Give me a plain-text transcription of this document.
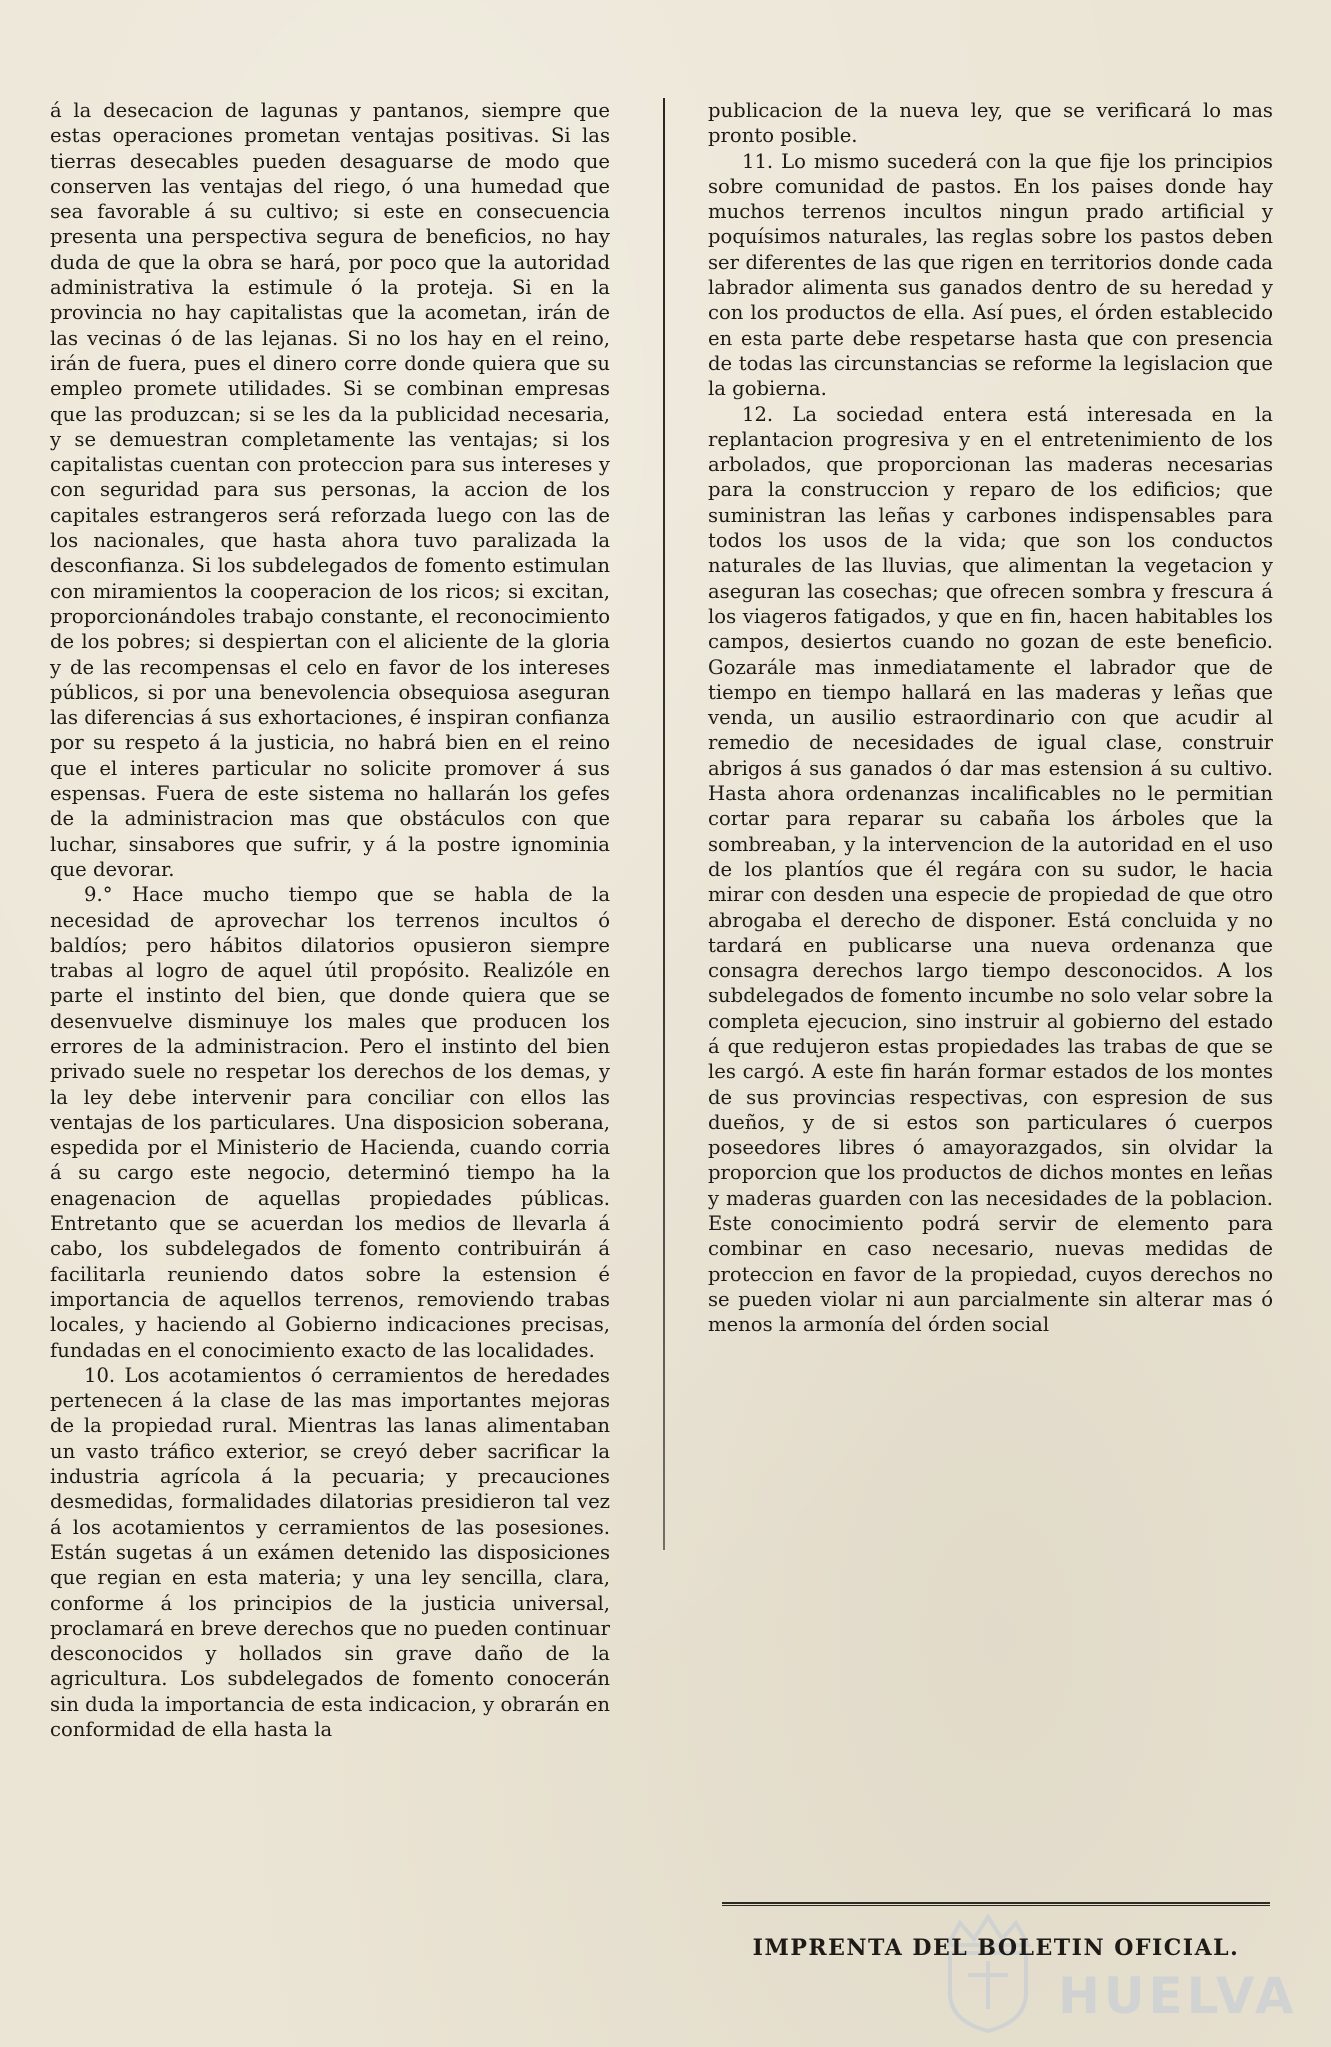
á la desecacion de lagunas y pantanos, siempre que estas operaciones prometan ventajas positivas. Si las tierras desecables pueden desaguarse de modo que conserven las ventajas del riego, ó una humedad que sea favorable á su cultivo; si este en consecuencia presenta una perspectiva segura de beneficios, no hay duda de que la obra se hará, por poco que la autoridad administrativa la estimule ó la proteja. Si en la provincia no hay capitalistas que la acometan, irán de las vecinas ó de las lejanas. Si no los hay en el reino, irán de fuera, pues el dinero corre donde quiera que su empleo promete utilidades. Si se combinan empresas que las produzcan; si se les da la publicidad necesaria, y se demuestran completamente las ventajas; si los capitalistas cuentan con proteccion para sus intereses y con seguridad para sus personas, la accion de los capitales estrangeros será reforzada luego con las de los nacionales, que hasta ahora tuvo paralizada la desconfianza. Si los subdelegados de fomento estimulan con miramientos la cooperacion de los ricos; si excitan, proporcionándoles trabajo constante, el reconocimiento de los pobres; si despiertan con el aliciente de la gloria y de las recompensas el celo en favor de los intereses públicos, si por una benevolencia obsequiosa aseguran las diferencias á sus exhortaciones, é inspiran confianza por su respeto á la justicia, no habrá bien en el reino que el interes particular no solicite promover á sus espensas. Fuera de este sistema no hallarán los gefes de la administracion mas que obstáculos con que luchar, sinsabores que sufrir, y á la postre ignominia que devorar.

9.° Hace mucho tiempo que se habla de la necesidad de aprovechar los terrenos incultos ó baldíos; pero hábitos dilatorios opusieron siempre trabas al logro de aquel útil propósito. Realizóle en parte el instinto del bien, que donde quiera que se desenvuelve disminuye los males que producen los errores de la administracion. Pero el instinto del bien privado suele no respetar los derechos de los demas, y la ley debe intervenir para conciliar con ellos las ventajas de los particulares. Una disposicion soberana, espedida por el Ministerio de Hacienda, cuando corria á su cargo este negocio, determinó tiempo ha la enagenacion de aquellas propiedades públicas. Entretanto que se acuerdan los medios de llevarla á cabo, los subdelegados de fomento contribuirán á facilitarla reuniendo datos sobre la estension é importancia de aquellos terrenos, removiendo trabas locales, y haciendo al Gobierno indicaciones precisas, fundadas en el conocimiento exacto de las localidades.

10. Los acotamientos ó cerramientos de heredades pertenecen á la clase de las mas importantes mejoras de la propiedad rural. Mientras las lanas alimentaban un vasto tráfico exterior, se creyó deber sacrificar la industria agrícola á la pecuaria; y precauciones desmedidas, formalidades dilatorias presidieron tal vez á los acotamientos y cerramientos de las posesiones. Están sugetas á un exámen detenido las disposiciones que regian en esta materia; y una ley sencilla, clara, conforme á los principios de la justicia universal, proclamará en breve derechos que no pueden continuar desconocidos y hollados sin grave daño de la agricultura. Los subdelegados de fomento conocerán sin duda la importancia de esta indicacion, y obrarán en conformidad de ella hasta la

publicacion de la nueva ley, que se verificará lo mas pronto posible.

11. Lo mismo sucederá con la que fije los principios sobre comunidad de pastos. En los paises donde hay muchos terrenos incultos ningun prado artificial y poquísimos naturales, las reglas sobre los pastos deben ser diferentes de las que rigen en territorios donde cada labrador alimenta sus ganados dentro de su heredad y con los productos de ella. Así pues, el órden establecido en esta parte debe respetarse hasta que con presencia de todas las circunstancias se reforme la legislacion que la gobierna.

12. La sociedad entera está interesada en la replantacion progresiva y en el entretenimiento de los arbolados, que proporcionan las maderas necesarias para la construccion y reparo de los edificios; que suministran las leñas y carbones indispensables para todos los usos de la vida; que son los conductos naturales de las lluvias, que alimentan la vegetacion y aseguran las cosechas; que ofrecen sombra y frescura á los viageros fatigados, y que en fin, hacen habitables los campos, desiertos cuando no gozan de este beneficio. Gozarále mas inmediatamente el labrador que de tiempo en tiempo hallará en las maderas y leñas que venda, un ausilio estraordinario con que acudir al remedio de necesidades de igual clase, construir abrigos á sus ganados ó dar mas estension á su cultivo. Hasta ahora ordenanzas incalificables no le permitian cortar para reparar su cabaña los árboles que la sombreaban, y la intervencion de la autoridad en el uso de los plantíos que él regára con su sudor, le hacia mirar con desden una especie de propiedad de que otro abrogaba el derecho de disponer. Está concluida y no tardará en publicarse una nueva ordenanza que consagra derechos largo tiempo desconocidos. A los subdelegados de fomento incumbe no solo velar sobre la completa ejecucion, sino instruir al gobierno del estado á que redujeron estas propiedades las trabas de que se les cargó. A este fin harán formar estados de los montes de sus provincias respectivas, con espresion de sus dueños, y de si estos son particulares ó cuerpos poseedores libres ó amayorazgados, sin olvidar la proporcion que los productos de dichos montes en leñas y maderas guarden con las necesidades de la poblacion. Este conocimiento podrá servir de elemento para combinar en caso necesario, nuevas medidas de proteccion en favor de la propiedad, cuyos derechos no se pueden violar ni aun parcialmente sin alterar mas ó menos la armonía del órden social

HUELVA
IMPRENTA DEL BOLETIN OFICIAL.
